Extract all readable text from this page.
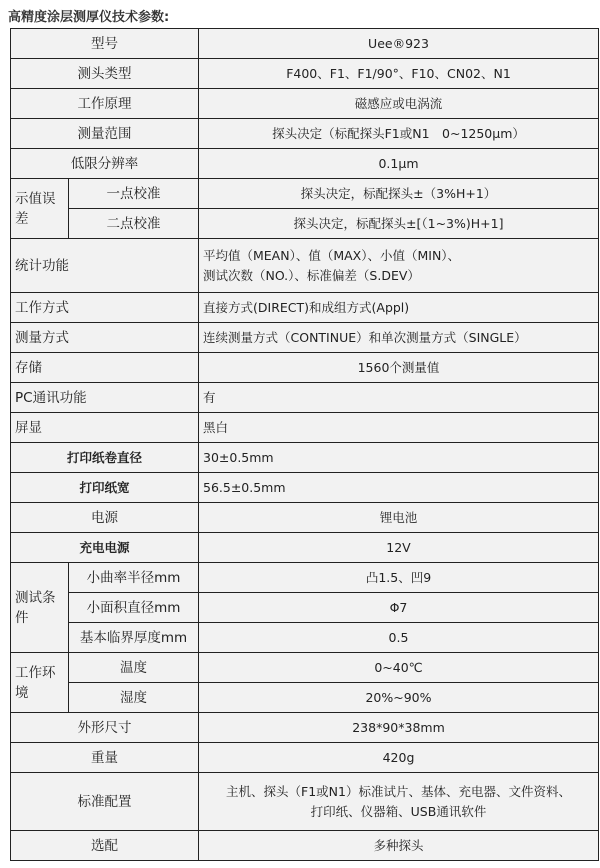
高精度涂层测厚仪技术参数:
型号		Uee®923
测头类型		F400、F1、F1/90°、F10、CN02、N1
工作原理		磁感应或电涡流
测量范围		探头决定（标配探头F1或N1　0~1250μm）
低限分辨率		0.1μm
示值误差	一点校准	探头决定，标配探头±（3%H+1）
	二点校准	探头决定，标配探头±[（1~3%)H+1]
统计功能		平均值（MEAN）、值（MAX）、小值（MIN）、
测试次数（NO.）、标准偏差（S.DEV）

工作方式		直接方式(DIRECT)和成组方式(Appl)
测量方式		连续测量方式（CONTINUE）和单次测量方式（SINGLE）
存储		1560个测量值
PC通讯功能		有
屏显		黑白
打印纸卷直径		30±0.5mm
打印纸宽		56.5±0.5mm
电源		锂电池
充电电源		12V
测试条件	小曲率半径mm	凸1.5、凹9
	小面积直径mm	Φ7
	基本临界厚度mm	0.5
工作环境	温度	0~40℃
	湿度	20%~90%
外形尺寸		238*90*38mm
重量		420g
标准配置		主机、探头（F1或N1）标准试片、基体、充电器、文件资料、
打印纸、仪器箱、USB通讯软件

选配		多种探头
